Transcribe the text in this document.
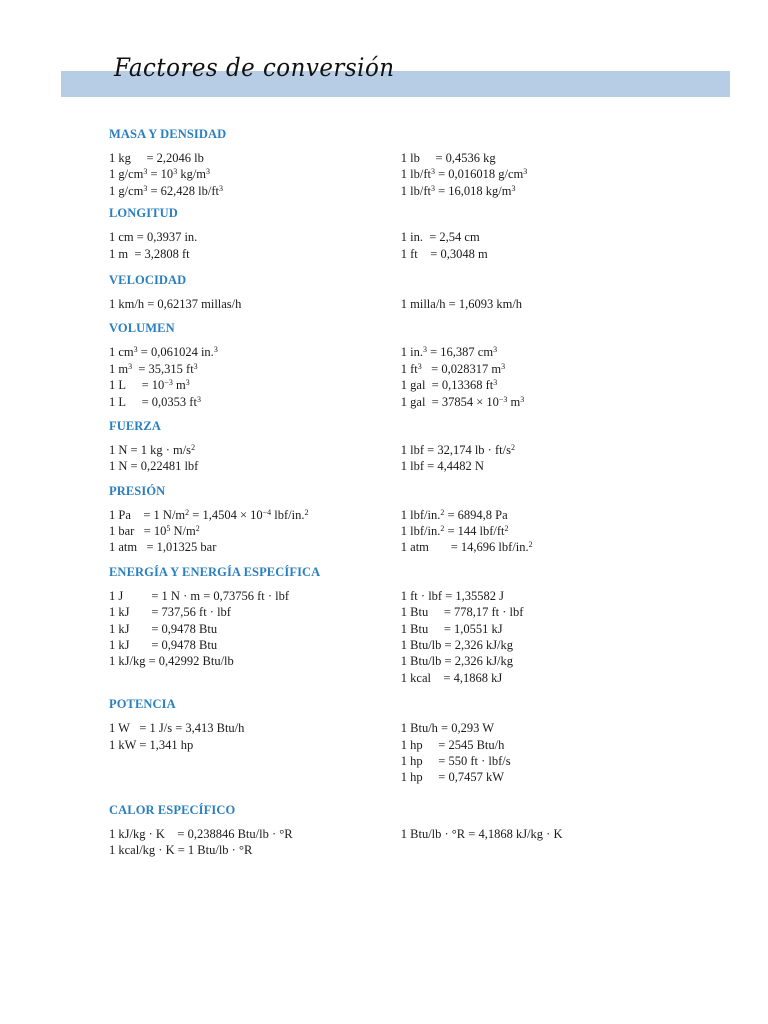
Factores de conversión
MASA Y DENSIDAD
1 kg     = 2,2046 lb
1 $g/cm^3 = 10^3$ $kg/m^3$
1 $g/cm^3 = 62,428$ $lb/ft^3$
1 lb     = 0,4536 kg
1 $lb/ft^3 = 0,016018$ $g/cm^3$
1 $lb/ft^3 = 16,018$ $kg/m^3$
LONGITUD
1 cm = 0,3937 in.
1 m  = 3,2808 ft
1 in.  = 2,54 cm
1 ft    = 0,3048 m
VELOCIDAD
1 km/h = 0,62137 millas/h	1 milla/h = 1,6093 km/h
VOLUMEN
1 $cm^3 = 0,061024$ in.$^3$
1 $m^3 = 35,315$ $ft^3$
1 L     = $10^{-3}$ $m^3$
1 L     = 0,0353 $ft^3$
1 in.$^3$ = 16,387 $cm^3$
1 $ft^3 = 0,028317$ $m^3$
1 gal  = 0,13368 $ft^3$
1 gal  = $37854 \times 10^{-3}$ $m^3$
FUERZA
1 N = 1 kg · $m/s^2$
1 N = 0,22481 lbf
1 lbf = 32,174 lb · $ft/s^2$
1 lbf = 4,4482 N
PRESIÓN
1 Pa    = 1 $N/m^2 = 1,4504 \times 10^{-4}$ lbf/in.$^2$
1 bar   = $10^5$ $N/m^2$
1 atm   = 1,01325 bar
1 lbf/in.$^2$ = 6894,8 Pa
1 lbf/in.$^2$ = 144 lbf/$ft^2$
1 atm       = 14,696 lbf/in.$^2$
ENERGÍA Y ENERGÍA ESPECÍFICA
1 J         = 1 N · m = 0,73756 ft · lbf
1 kJ       = 737,56 ft · lbf
1 kJ       = 0,9478 Btu
1 kJ       = 0,9478 Btu
1 kJ/kg = 0,42992 Btu/lb
1 ft · lbf = 1,35582 J
1 Btu     = 778,17 ft · lbf
1 Btu     = 1,0551 kJ
1 Btu/lb = 2,326 kJ/kg
1 Btu/lb = 2,326 kJ/kg
1 kcal    = 4,1868 kJ
POTENCIA
1 W   = 1 J/s = 3,413 Btu/h
1 kW = 1,341 hp
1 Btu/h = 0,293 W
1 hp     = 2545 Btu/h
1 hp     = 550 ft · lbf/s
1 hp     = 0,7457 kW
CALOR ESPECÍFICO
1 kJ/kg · K    = 0,238846 Btu/lb · °R
1 kcal/kg · K = 1 Btu/lb · °R
1 Btu/lb · °R = 4,1868 kJ/kg · K
